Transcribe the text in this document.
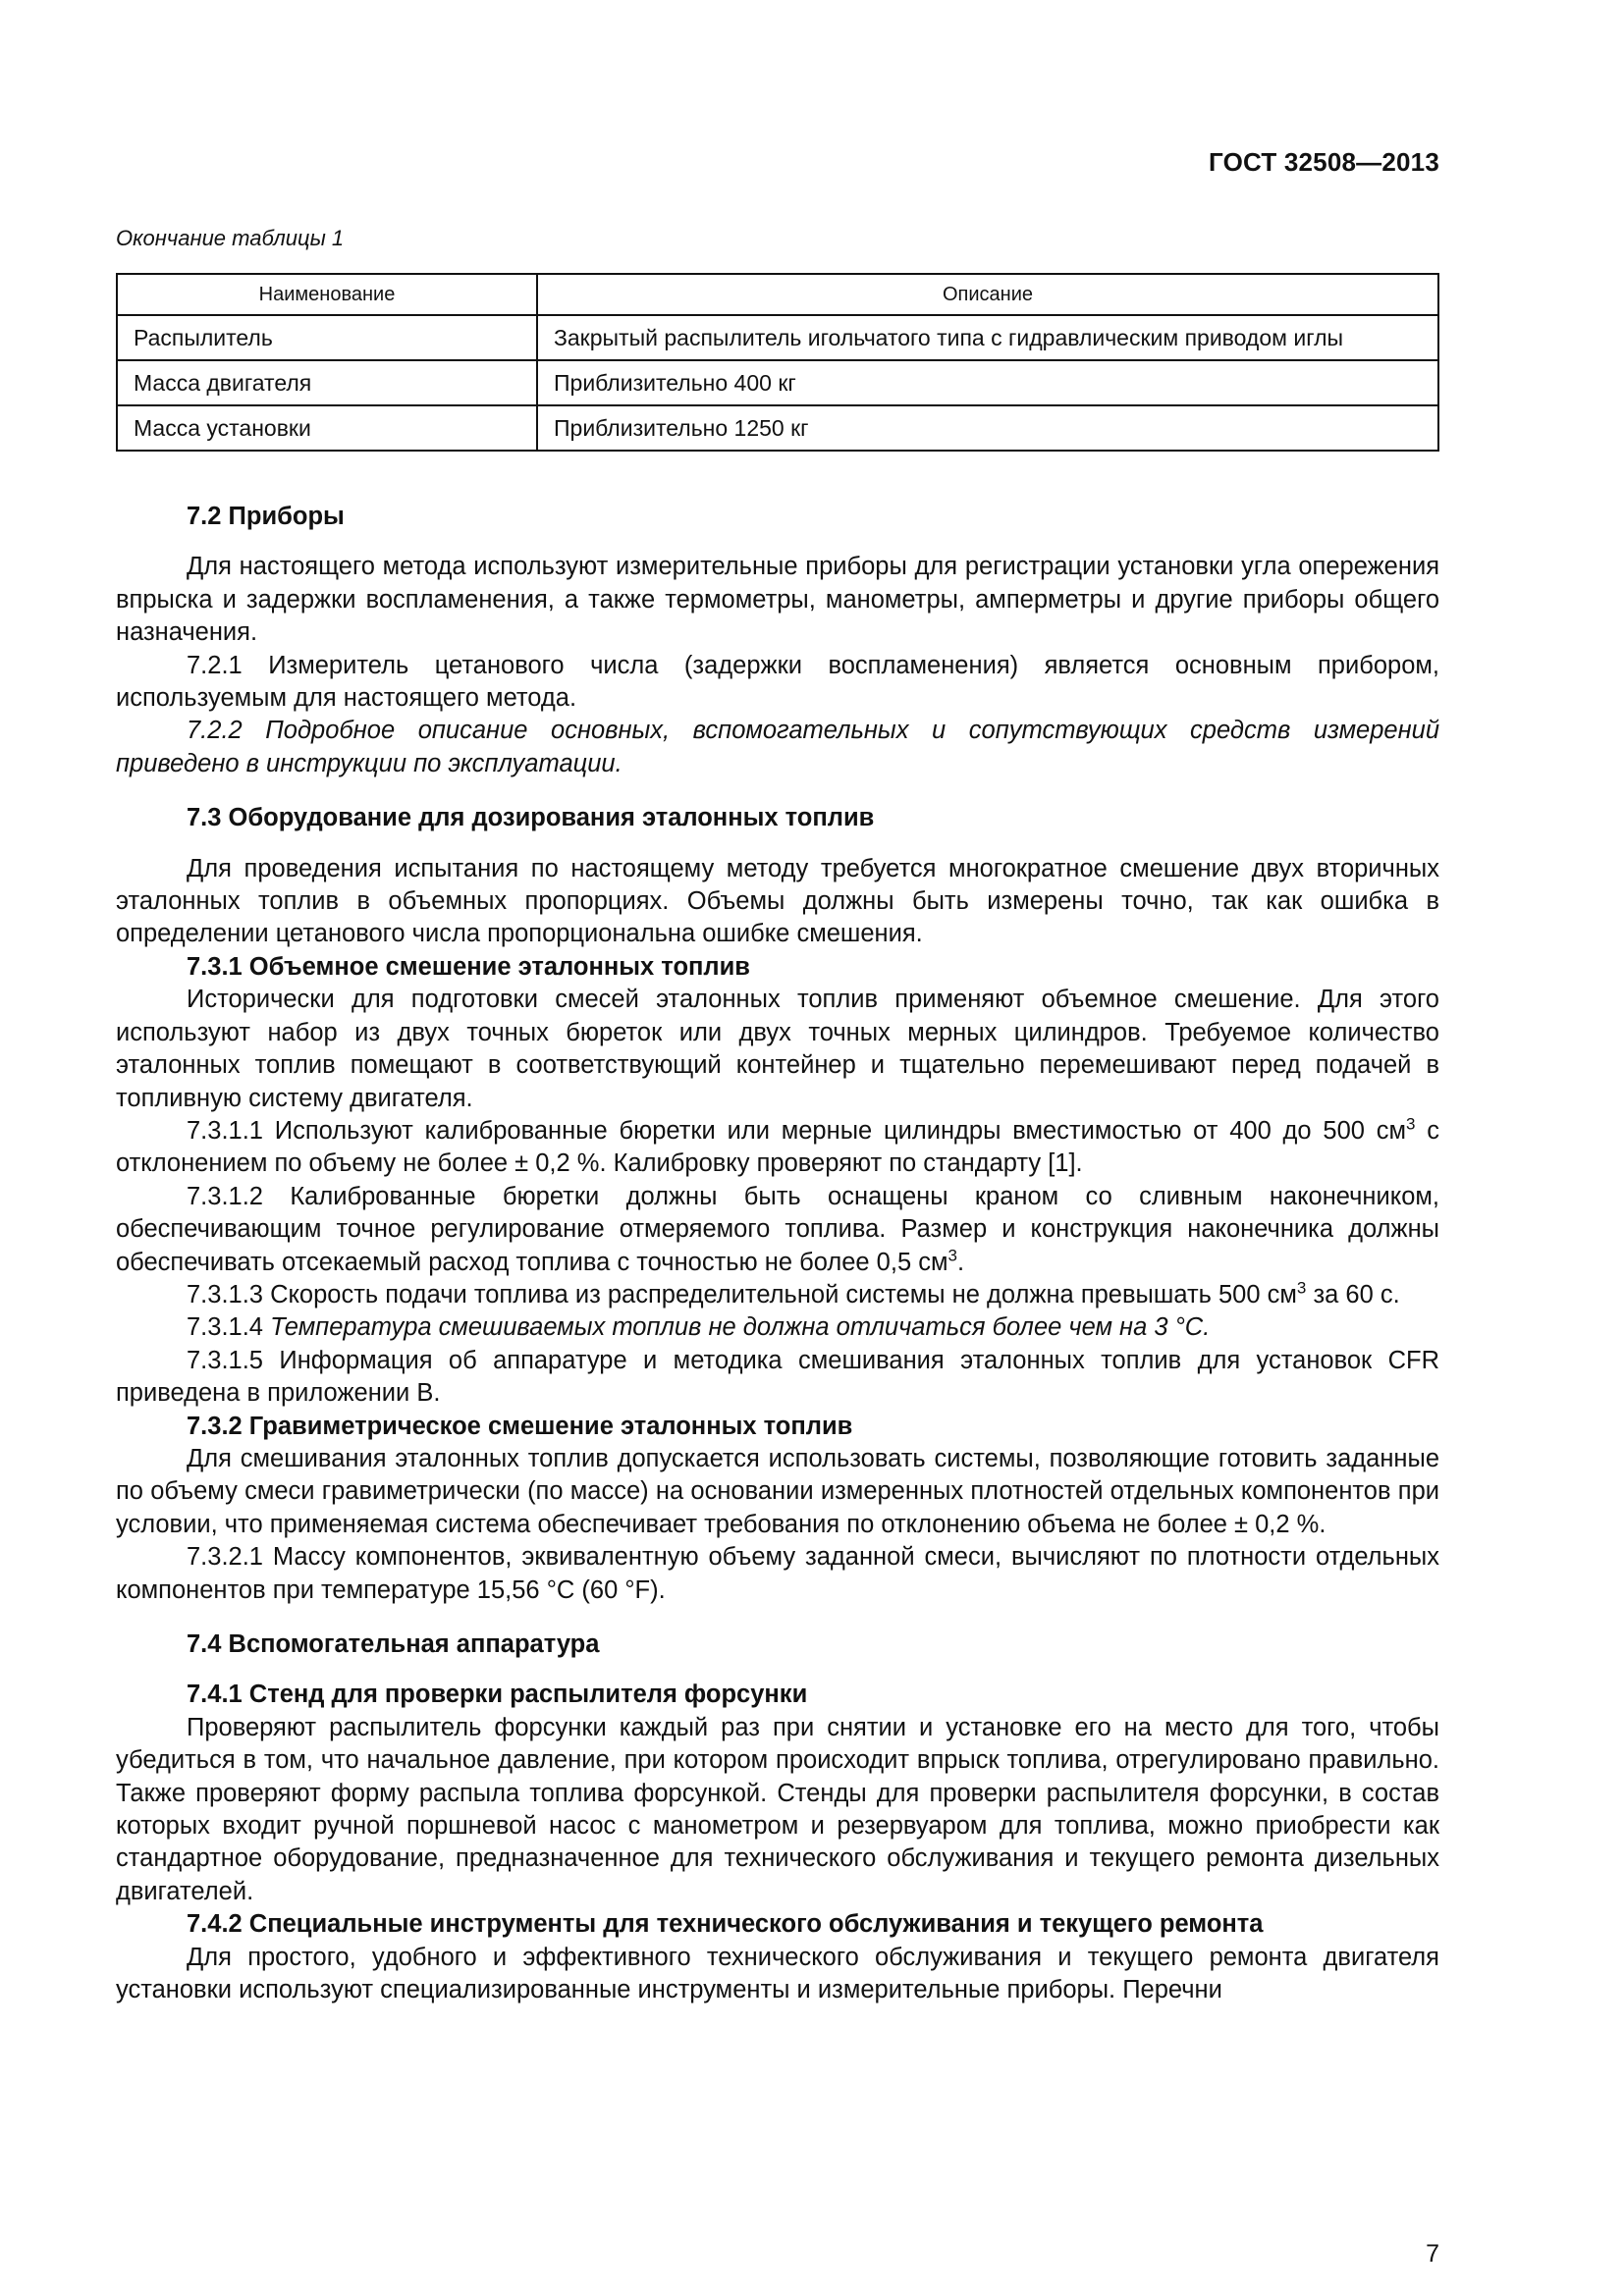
ГОСТ 32508—2013
Окончание таблицы 1
Наименование	Описание
Распылитель	Закрытый распылитель игольчатого типа с гидравлическим приводом иглы
Масса двигателя	Приблизительно 400 кг
Масса установки	Приблизительно 1250 кг
7.2 Приборы

Для настоящего метода используют измерительные приборы для регистрации установки угла опережения впрыска и задержки воспламенения, а также термометры, манометры, амперметры и другие приборы общего назначения.

7.2.1 Измеритель цетанового числа (задержки воспламенения) является основным прибором, используемым для настоящего метода.

7.2.2 Подробное описание основных, вспомогательных и сопутствующих средств измерений приведено в инструкции по эксплуатации.

7.3 Оборудование для дозирования эталонных топлив

Для проведения испытания по настоящему методу требуется многократное смешение двух вторичных эталонных топлив в объемных пропорциях. Объемы должны быть измерены точно, так как ошибка в определении цетанового числа пропорциональна ошибке смешения.

7.3.1 Объемное смешение эталонных топлив

Исторически для подготовки смесей эталонных топлив применяют объемное смешение. Для этого используют набор из двух точных бюреток или двух точных мерных цилиндров. Требуемое количество эталонных топлив помещают в соответствующий контейнер и тщательно перемешивают перед подачей в топливную систему двигателя.

7.3.1.1 Используют калиброванные бюретки или мерные цилиндры вместимостью от 400 до 500 $см^3$ с отклонением по объему не более ± 0,2 %. Калибровку проверяют по стандарту [1].

7.3.1.2 Калиброванные бюретки должны быть оснащены краном со сливным наконечником, обеспечивающим точное регулирование отмеряемого топлива. Размер и конструкция наконечника должны обеспечивать отсекаемый расход топлива с точностью не более 0,5 $см^3$.

7.3.1.3 Скорость подачи топлива из распределительной системы не должна превышать 500 $см^3$ за 60 с.

7.3.1.4 Температура смешиваемых топлив не должна отличаться более чем на 3 °С.

7.3.1.5 Информация об аппаратуре и методика смешивания эталонных топлив для установок CFR приведена в приложении В.

7.3.2 Гравиметрическое смешение эталонных топлив

Для смешивания эталонных топлив допускается использовать системы, позволяющие готовить заданные по объему смеси гравиметрически (по массе) на основании измеренных плотностей отдельных компонентов при условии, что применяемая система обеспечивает требования по отклонению объема не более ± 0,2 %.

7.3.2.1 Массу компонентов, эквивалентную объему заданной смеси, вычисляют по плотности отдельных компонентов при температуре 15,56 °С (60 °F).

7.4 Вспомогательная аппаратура
7.4.1 Стенд для проверки распылителя форсунки

Проверяют распылитель форсунки каждый раз при снятии и установке его на место для того, чтобы убедиться в том, что начальное давление, при котором происходит впрыск топлива, отрегулировано правильно. Также проверяют форму распыла топлива форсункой. Стенды для проверки распылителя форсунки, в состав которых входит ручной поршневой насос с манометром и резервуаром для топлива, можно приобрести как стандартное оборудование, предназначенное для технического обслуживания и текущего ремонта дизельных двигателей.

7.4.2 Специальные инструменты для технического обслуживания и текущего ремонта

Для простого, удобного и эффективного технического обслуживания и текущего ремонта двигателя установки используют специализированные инструменты и измерительные приборы. Перечни

7
